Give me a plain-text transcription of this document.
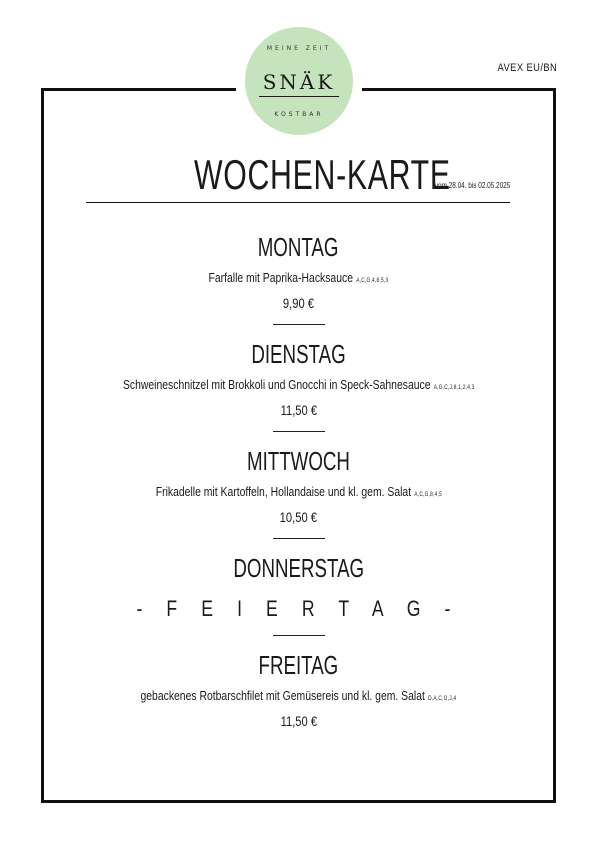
MEINE ZEIT
SNÄK
KOSTBAR
AVEX EU/BN
WOCHEN-KARTE
vom 28.04. bis 02.05.2025
MONTAG
Farfalle mit Paprika-Hacksauce A,C,G,4,8,5,3
9,90 €
DIENSTAG
Schweineschnitzel mit Brokkoli und Gnocchi in Speck-Sahnesauce A,G,C,J,8,1,2,4,3
11,50 €
MITTWOCH
Frikadelle mit Kartoffeln, Hollandaise und kl. gem. Salat A,C,G,8,4,5
10,50 €
DONNERSTAG
- F E I E R T A G -
FREITAG
gebackenes Rotbarschfilet mit Gemüsereis und kl. gem. Salat D,A,C,G,J,4
11,50 €
